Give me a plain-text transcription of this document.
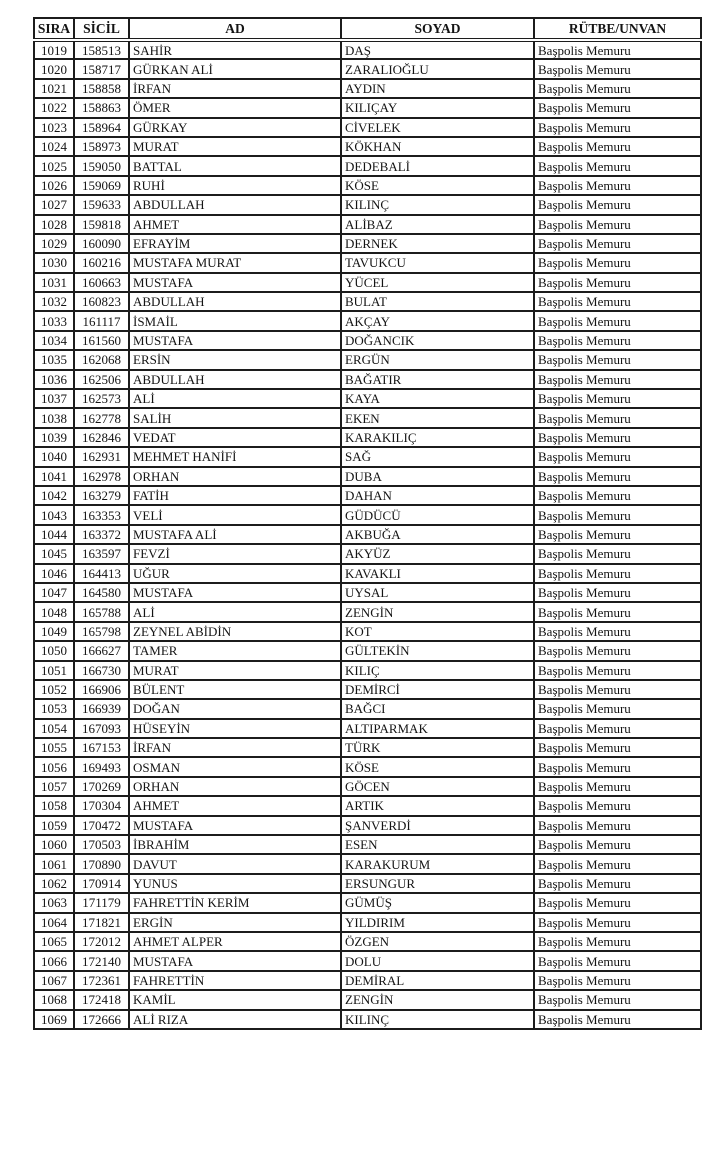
SIRA	SİCİL	AD	SOYAD	RÜTBE/UNVAN
1019	158513	SAHİR	DAŞ	Başpolis Memuru
1020	158717	GÜRKAN ALİ	ZARALIOĞLU	Başpolis Memuru
1021	158858	İRFAN	AYDIN	Başpolis Memuru
1022	158863	ÖMER	KILIÇAY	Başpolis Memuru
1023	158964	GÜRKAY	CİVELEK	Başpolis Memuru
1024	158973	MURAT	KÖKHAN	Başpolis Memuru
1025	159050	BATTAL	DEDEBALİ	Başpolis Memuru
1026	159069	RUHİ	KÖSE	Başpolis Memuru
1027	159633	ABDULLAH	KILINÇ	Başpolis Memuru
1028	159818	AHMET	ALİBAZ	Başpolis Memuru
1029	160090	EFRAYİM	DERNEK	Başpolis Memuru
1030	160216	MUSTAFA MURAT	TAVUKCU	Başpolis Memuru
1031	160663	MUSTAFA	YÜCEL	Başpolis Memuru
1032	160823	ABDULLAH	BULAT	Başpolis Memuru
1033	161117	İSMAİL	AKÇAY	Başpolis Memuru
1034	161560	MUSTAFA	DOĞANCIK	Başpolis Memuru
1035	162068	ERSİN	ERGÜN	Başpolis Memuru
1036	162506	ABDULLAH	BAĞATIR	Başpolis Memuru
1037	162573	ALİ	KAYA	Başpolis Memuru
1038	162778	SALİH	EKEN	Başpolis Memuru
1039	162846	VEDAT	KARAKILIÇ	Başpolis Memuru
1040	162931	MEHMET HANİFİ	SAĞ	Başpolis Memuru
1041	162978	ORHAN	DUBA	Başpolis Memuru
1042	163279	FATİH	DAHAN	Başpolis Memuru
1043	163353	VELİ	GÜDÜCÜ	Başpolis Memuru
1044	163372	MUSTAFA ALİ	AKBUĞA	Başpolis Memuru
1045	163597	FEVZİ	AKYÜZ	Başpolis Memuru
1046	164413	UĞUR	KAVAKLI	Başpolis Memuru
1047	164580	MUSTAFA	UYSAL	Başpolis Memuru
1048	165788	ALİ	ZENGİN	Başpolis Memuru
1049	165798	ZEYNEL ABİDİN	KOT	Başpolis Memuru
1050	166627	TAMER	GÜLTEKİN	Başpolis Memuru
1051	166730	MURAT	KILIÇ	Başpolis Memuru
1052	166906	BÜLENT	DEMİRCİ	Başpolis Memuru
1053	166939	DOĞAN	BAĞCI	Başpolis Memuru
1054	167093	HÜSEYİN	ALTIPARMAK	Başpolis Memuru
1055	167153	İRFAN	TÜRK	Başpolis Memuru
1056	169493	OSMAN	KÖSE	Başpolis Memuru
1057	170269	ORHAN	GÖCEN	Başpolis Memuru
1058	170304	AHMET	ARTIK	Başpolis Memuru
1059	170472	MUSTAFA	ŞANVERDİ	Başpolis Memuru
1060	170503	İBRAHİM	ESEN	Başpolis Memuru
1061	170890	DAVUT	KARAKURUM	Başpolis Memuru
1062	170914	YUNUS	ERSUNGUR	Başpolis Memuru
1063	171179	FAHRETTİN KERİM	GÜMÜŞ	Başpolis Memuru
1064	171821	ERGİN	YILDIRIM	Başpolis Memuru
1065	172012	AHMET ALPER	ÖZGEN	Başpolis Memuru
1066	172140	MUSTAFA	DOLU	Başpolis Memuru
1067	172361	FAHRETTİN	DEMİRAL	Başpolis Memuru
1068	172418	KAMİL	ZENGİN	Başpolis Memuru
1069	172666	ALİ RIZA	KILINÇ	Başpolis Memuru
